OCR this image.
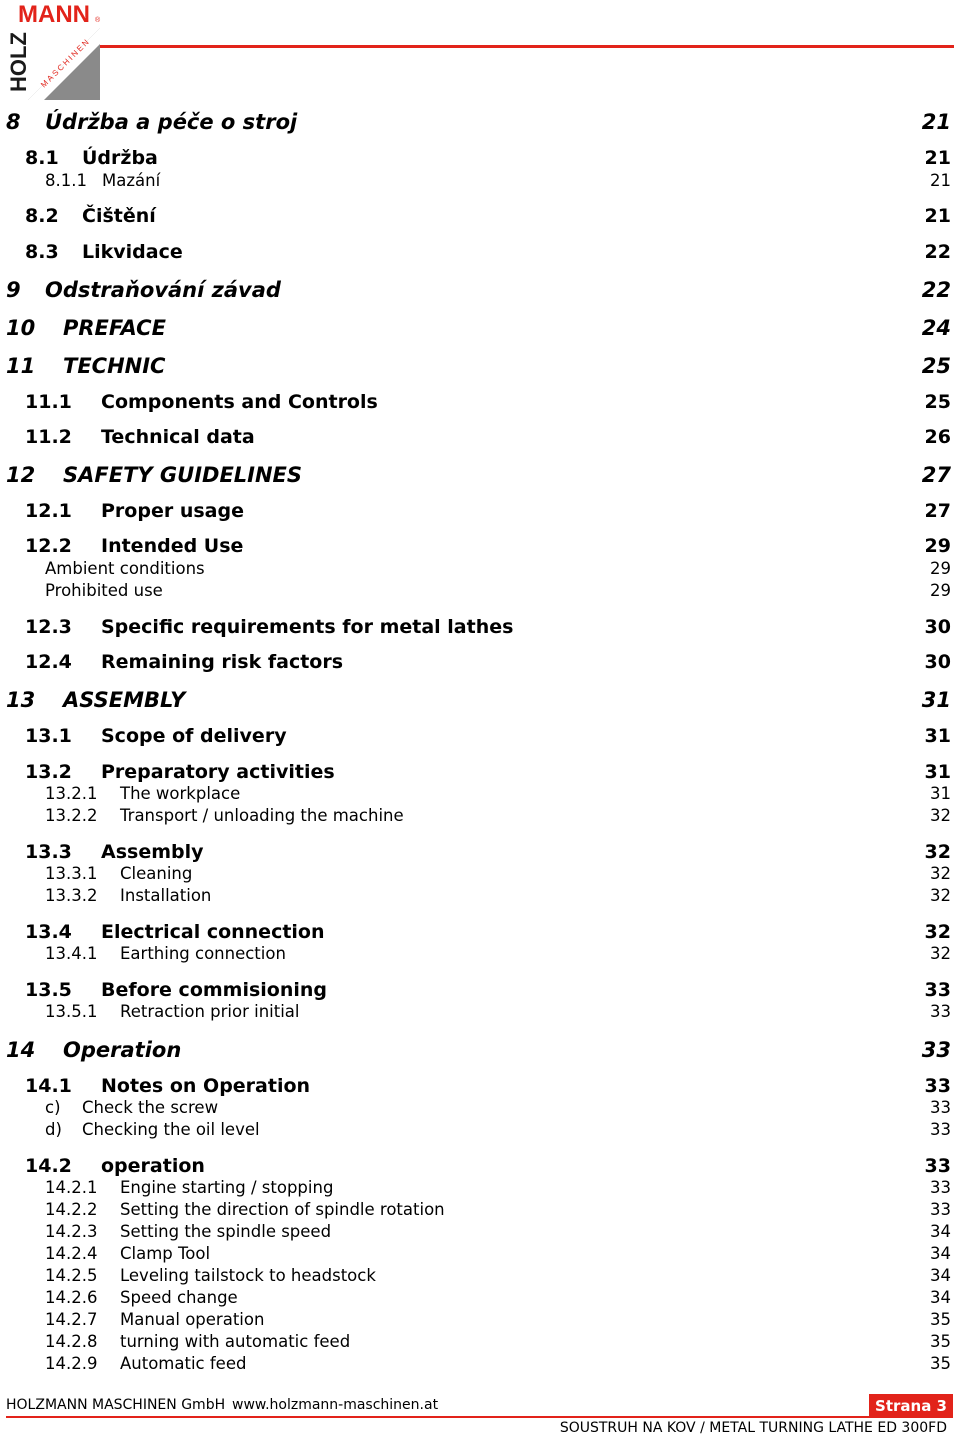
MANN ®
HOLZ MASCHINEN
8 Údržba a péče o stroj	21
8.1 Údržba	21
8.1.1 Mazání	21
8.2 Čištění	21
8.3 Likvidace	22
9 Odstraňování závad	22
10 PREFACE	24
11 TECHNIC	25
11.1 Components and Controls	25
11.2 Technical data	26
12 SAFETY GUIDELINES	27
12.1 Proper usage	27
12.2 Intended Use	29
Ambient conditions	29
Prohibited use	29
12.3 Specific requirements for metal lathes	30
12.4 Remaining risk factors	30
13 ASSEMBLY	31
13.1 Scope of delivery	31
13.2 Preparatory activities	31
13.2.1 The workplace	31
13.2.2 Transport / unloading the machine	32
13.3 Assembly	32
13.3.1 Cleaning	32
13.3.2 Installation	32
13.4 Electrical connection	32
13.4.1 Earthing connection	32
13.5 Before commisioning	33
13.5.1 Retraction prior initial	33
14 Operation	33
14.1 Notes on Operation	33
c) Check the screw	33
d) Checking the oil level	33
14.2 operation	33
14.2.1 Engine starting / stopping	33
14.2.2 Setting the direction of spindle rotation	33
14.2.3 Setting the spindle speed	34
14.2.4 Clamp Tool	34
14.2.5 Leveling tailstock to headstock	34
14.2.6 Speed change	34
14.2.7 Manual operation	35
14.2.8 turning with automatic feed	35
14.2.9 Automatic feed	35
HOLZMANN MASCHINEN GmbH www.holzmann-maschinen.at	Strana 3
SOUSTRUH NA KOV / METAL TURNING LATHE ED 300FD
